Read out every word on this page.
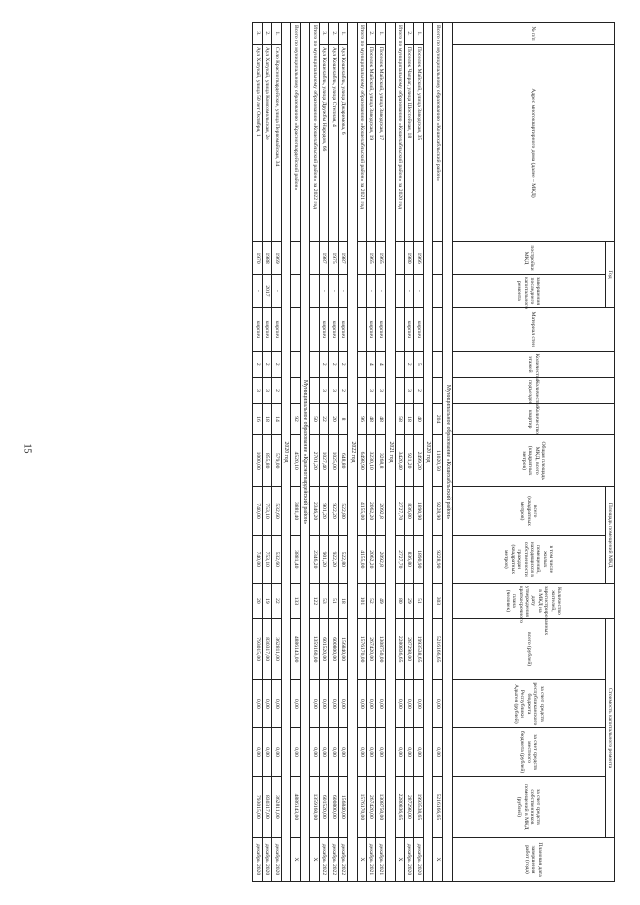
15
№ п/п	Адрес многоквартирного дома (далее – МКД)	Год		Материал стен	Количество этажей	Количество подъездов	Количество квартир	Общая площадь МКД, всего (квадратных метров)	Площадь помещений МКД		Количество жителей, зарегистрированных в МКД на дату утверждения краткосрочного плана (человек)	Стоимость капитального ремонта				Плановая дата завершения работ (года)
		постройки МКД	завершения последнего капитального ремонта						всего (квадратных метров)	в том числе жилых помещений, находящихся в собственности граждан (квадратных метров)		всего (рублей)	за счет средств республиканского бюджета Республики Адыгея (рублей)	за счет средств местного бюджета (рублей)	за счет средств собственников помещений в МКД (рублей)	

Муниципальное образование «Кошехабльский район»																
Всего по муниципальному образованию «Кошехабльский район»							204	11020,50	9228,90	9228,90	303	5216166,65	0,00	0,00	5216166,65	X
2020 год																
1.	Поселок Майский, улица Заводская, 35	1966	-	кирпич	5	2	40	2499,20	1890,90	1890,90	51	1993538,65	0,00	0,00	1993538,65	декабрь 2020
2.	Поселок Чапраг, улица Шоссейная, 18	1980	-	кирпич	2	3	18	921,20	836,80	836,80	29	287298,00	0,00	0,00	287298,00	декабрь 2020
Итого по муниципальному образованию «Кошехабльский район» за 2020 год							58	3420,40	2727,70	2727,70	80	2280836,65	0,00	0,00	2280836,65	X
2021 год																
1.	Поселок Майский, улица Заводская, 17	1965	-	кирпич	4	3	48	3268,8	2092,8	2092,8	49	1308750,00	0,00	0,00	1308750,00	декабрь 2021
2.	Поселок Майский, улица Заводская, 19	1965	-	кирпич	4	3	48	3230,10	2062,20	2062,20	52	267420,00	0,00	0,00	267420,00	декабрь 2021
Итого по муниципальному образованию «Кошехабльский район» за 2021 год							96	6498,90	4155,00	4155,00	101	1576170,00	0,00	0,00	1576170,00	X
2022 год																
1.	Аул Кошехабль, улица Джаримова, 6	1987	-	кирпич	2	2	8	648,80	522,80	522,80	18	156840,00	0,00	0,00	156840,00	декабрь 2022
2.	Аул Кошехабль, улица Степная, 4	1975	-	кирпич	2	3	20	1025,00	922,20	922,20	51	600800,00	0,00	0,00	600800,00	декабрь 2022
3.	Аул Кошехабль, улица Дружбы Народов, 66	1987	-	кирпич	2	3	22	1027,40	901,20	901,20	53	601520,00	0,00	0,00	601520,00	декабрь 2022
Итого по муниципальному образованию «Кошехабльский район» за 2022 год							50	2701,20	2346,20	2346,20	122	1359160,00	0,00	0,00	1359160,00	X
Муниципальное образование «Красногвардейский район»																
Всего по муниципальному образованию «Красногвардейский район»							92	4520,10	3881,40	3881,40	133	4886143,00	0,00	0,00	4886143,00	X
2020 год																
1.	Село Красногвардейское, улица Первомайская, 34	1969	-	кирпич	2	2	14	579,00	532,60	532,60	22	362811,00	0,00	0,00	362811,00	декабрь 2020
2.	Аул Хатукай, улица Комсомольская, 2е	1988	2017	кирпич	2	3	18	855,80	753,10	753,10	19	830317,00	0,00	0,00	830317,00	декабрь 2020
3.	Аул Хатукай, улица 50 лет Октября, 1	1970	-	кирпич	2	3	16	1000,00	740,00	740,00	20	793015,00	0,00	0,00	793015,00	декабрь 2020
